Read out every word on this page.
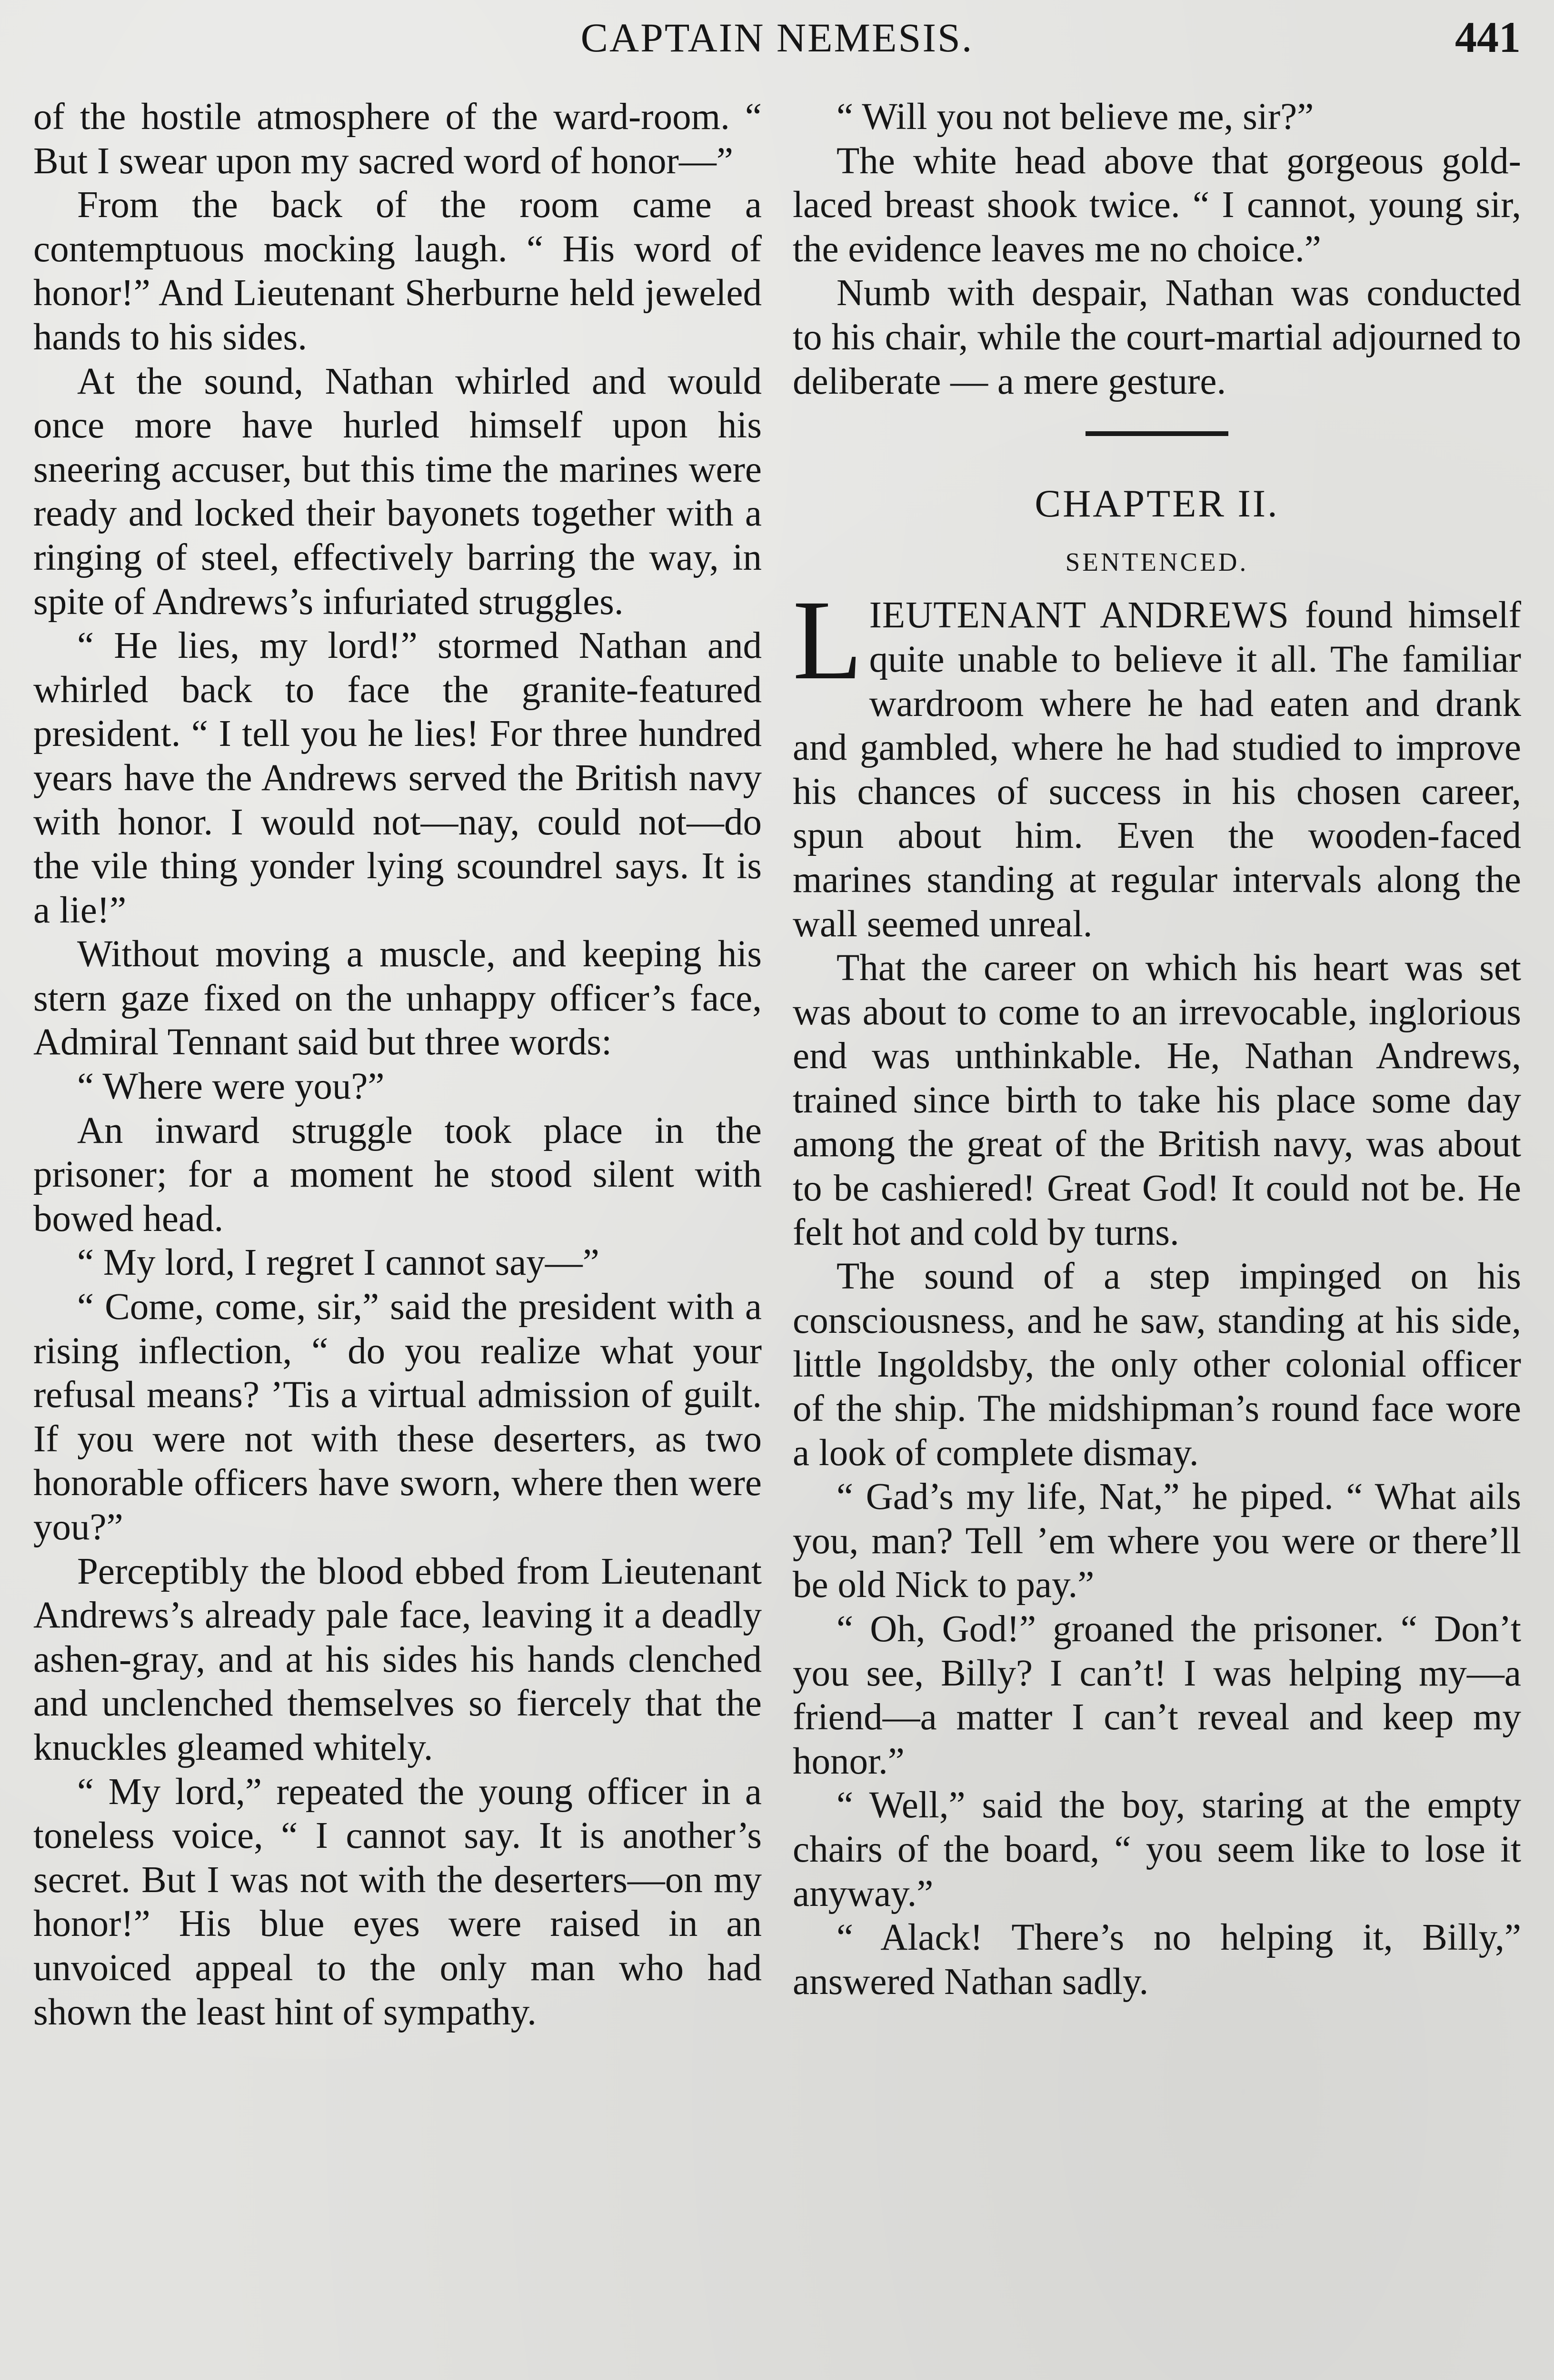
CAPTAIN NEMESIS.	441

of the hostile atmosphere of the ward-room. “ But I swear upon my sacred word of honor—”

From the back of the room came a contemptuous mocking laugh. “ His word of honor!” And Lieutenant Sherburne held jeweled hands to his sides.

At the sound, Nathan whirled and would once more have hurled himself upon his sneering accuser, but this time the marines were ready and locked their bayonets together with a ringing of steel, effectively barring the way, in spite of Andrews’s infuriated struggles.

“ He lies, my lord!” stormed Nathan and whirled back to face the granite-featured president. “ I tell you he lies! For three hundred years have the Andrews served the British navy with honor. I would not—nay, could not—do the vile thing yonder lying scoundrel says. It is a lie!”

Without moving a muscle, and keeping his stern gaze fixed on the unhappy officer’s face, Admiral Tennant said but three words:

“ Where were you?”

An inward struggle took place in the prisoner; for a moment he stood silent with bowed head.

“ My lord, I regret I cannot say—”

“ Come, come, sir,” said the president with a rising inflection, “ do you realize what your refusal means? ’Tis a virtual admission of guilt. If you were not with these deserters, as two honorable officers have sworn, where then were you?”

Perceptibly the blood ebbed from Lieutenant Andrews’s already pale face, leaving it a deadly ashen-gray, and at his sides his hands clenched and unclenched themselves so fiercely that the knuckles gleamed whitely.

“ My lord,” repeated the young officer in a toneless voice, “ I cannot say. It is another’s secret. But I was not with the deserters—on my honor!” His blue eyes were raised in an unvoiced appeal to the only man who had shown the least hint of sympathy.

“ Will you not believe me, sir?”

The white head above that gorgeous gold-laced breast shook twice. “ I cannot, young sir, the evidence leaves me no choice.”

Numb with despair, Nathan was conducted to his chair, while the court-martial adjourned to deliberate — a mere gesture.

CHAPTER II.
SENTENCED.

L IEUTENANT ANDREWS found himself quite unable to believe it all. The familiar wardroom where he had eaten and drank and gambled, where he had studied to improve his chances of success in his chosen career, spun about him. Even the wooden-faced marines standing at regular intervals along the wall seemed unreal.

That the career on which his heart was set was about to come to an irrevocable, inglorious end was unthinkable. He, Nathan Andrews, trained since birth to take his place some day among the great of the British navy, was about to be cashiered! Great God! It could not be. He felt hot and cold by turns.

The sound of a step impinged on his consciousness, and he saw, standing at his side, little Ingoldsby, the only other colonial officer of the ship. The midshipman’s round face wore a look of complete dismay.

“ Gad’s my life, Nat,” he piped. “ What ails you, man? Tell ’em where you were or there’ll be old Nick to pay.”

“ Oh, God!” groaned the prisoner. “ Don’t you see, Billy? I can’t! I was helping my—a friend—a matter I can’t reveal and keep my honor.”

“ Well,” said the boy, staring at the empty chairs of the board, “ you seem like to lose it anyway.”

“ Alack! There’s no helping it, Billy,” answered Nathan sadly.
